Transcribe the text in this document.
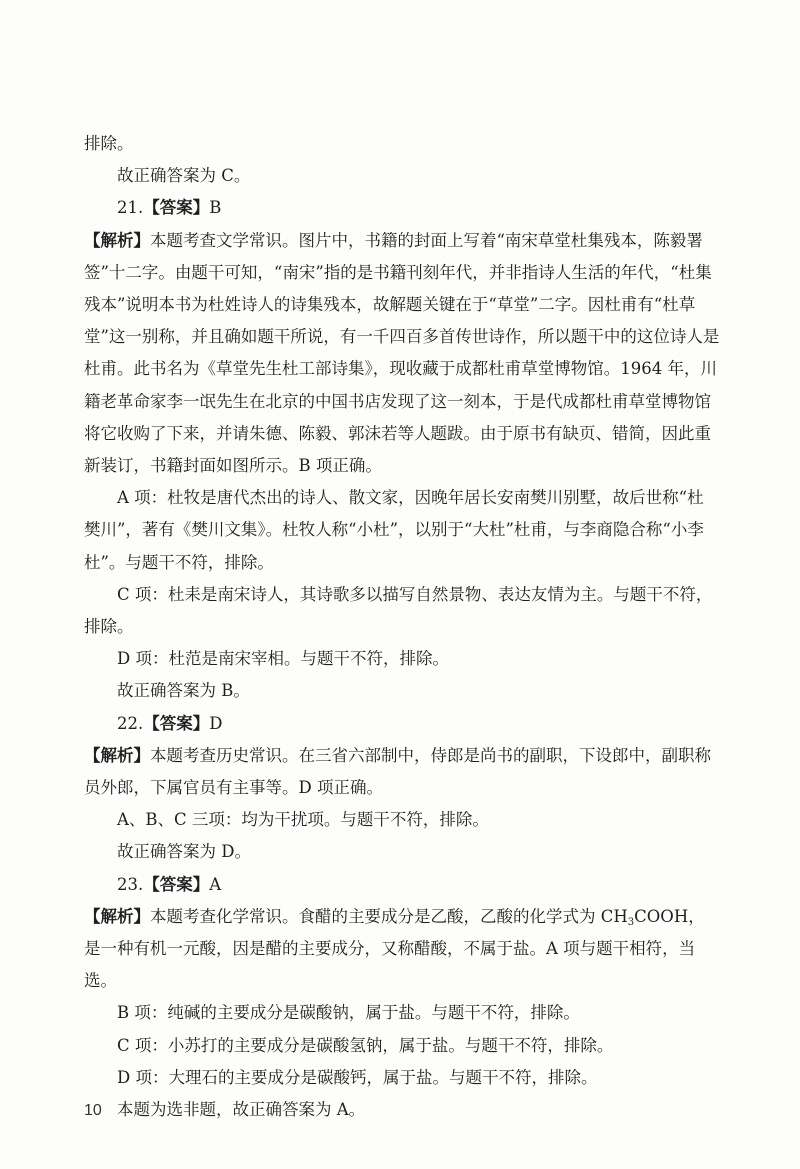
排除。

故正确答案为 C。

21.【答案】B

【解析】本题考查文学常识。图片中，书籍的封面上写着“南宋草堂杜集残本，陈毅署签”十二字。由题干可知，“南宋”指的是书籍刊刻年代，并非指诗人生活的年代，“杜集残本”说明本书为杜姓诗人的诗集残本，故解题关键在于“草堂”二字。因杜甫有“杜草堂”这一别称，并且确如题干所说，有一千四百多首传世诗作，所以题干中的这位诗人是杜甫。此书名为《草堂先生杜工部诗集》，现收藏于成都杜甫草堂博物馆。1964 年，川籍老革命家李一氓先生在北京的中国书店发现了这一刻本，于是代成都杜甫草堂博物馆将它收购了下来，并请朱德、陈毅、郭沫若等人题跋。由于原书有缺页、错简，因此重新装订，书籍封面如图所示。B 项正确。

A 项：杜牧是唐代杰出的诗人、散文家，因晚年居长安南樊川别墅，故后世称“杜樊川”，著有《樊川文集》。杜牧人称“小杜”，以别于“大杜”杜甫，与李商隐合称“小李杜”。与题干不符，排除。

C 项：杜耒是南宋诗人，其诗歌多以描写自然景物、表达友情为主。与题干不符，排除。

D 项：杜范是南宋宰相。与题干不符，排除。

故正确答案为 B。

22.【答案】D

【解析】本题考查历史常识。在三省六部制中，侍郎是尚书的副职，下设郎中，副职称员外郎，下属官员有主事等。D 项正确。

A、B、C 三项：均为干扰项。与题干不符，排除。

故正确答案为 D。

23.【答案】A

【解析】本题考查化学常识。食醋的主要成分是乙酸，乙酸的化学式为 $CH_3COOH$，是一种有机一元酸，因是醋的主要成分，又称醋酸，不属于盐。A 项与题干相符，当选。

B 项：纯碱的主要成分是碳酸钠，属于盐。与题干不符，排除。

C 项：小苏打的主要成分是碳酸氢钠，属于盐。与题干不符，排除。

D 项：大理石的主要成分是碳酸钙，属于盐。与题干不符，排除。

本题为选非题，故正确答案为 A。

10
